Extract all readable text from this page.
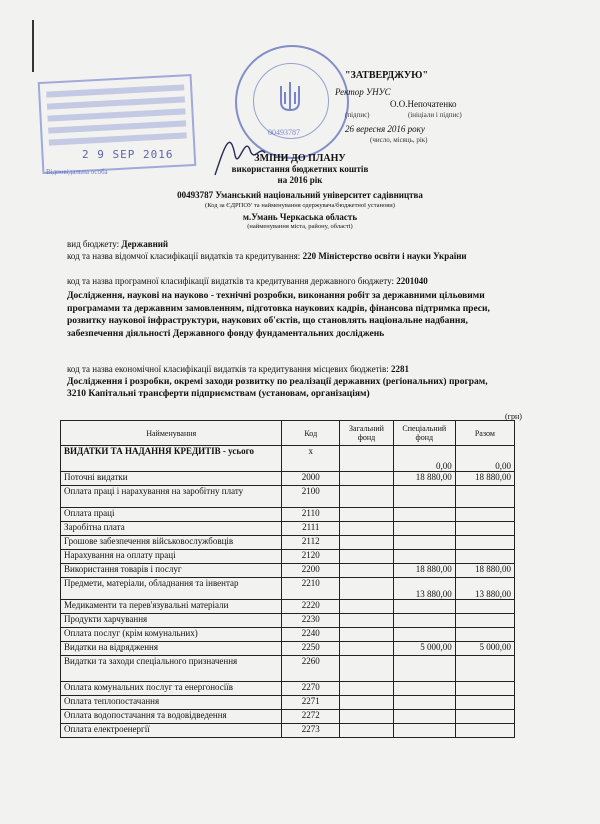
2 9 SEP 2016
Відповідальна особа
00493787
"ЗАТВЕРДЖУЮ"
Ректор УНУС
О.О.Непочатенко
(підпис)	(ініціали і підпис)
26 вересня 2016 року
(число, місяць, рік)
ЗМІНИ ДО ПЛАНУ
використання бюджетних коштів
на 2016 рік
00493787 Уманський національний університет садівництва
(Код за ЄДРПОУ та найменування одержувача/бюджетної установи)
м.Умань Черкаська область
(найменування міста, району, області)
вид бюджету: Державний
код та назва відомчої класифікації видатків та кредитування: 220 Міністерство освіти і науки України
код та назва програмної класифікації видатків та кредитування державного бюджету: 2201040
Дослідження, наукові на науково - технічні розробки, виконання робіт за державними цільовими програмами та державним замовленням, підготовка наукових кадрів, фінансова підтримка преси, розвитку наукової інфраструктури, наукових об'єктів, що становлять національне надбання, забезпечення діяльності Державного фонду фундаментальних досліджень
код та назва економічної класифікації видатків та кредитування місцевих бюджетів: 2281
Дослідження і розробки, окремі заходи розвитку по реалізації державних (регіональних) програм, 3210 Капітальні трансферти підприємствам (установам, організаціям)
(грн)
Найменування	Код	Загальний фонд	Спеціальний фонд	Разом
ВИДАТКИ ТА НАДАННЯ КРЕДИТІВ - усього	x		0,00	0,00
Поточні видатки	2000		18 880,00	18 880,00
Оплата праці і нарахування на заробітну плату	2100			
Оплата праці	2110			
Заробітна плата	2111			
Грошове забезпечення військовослужбовців	2112			
Нарахування на оплату праці	2120			
Використання товарів і послуг	2200		18 880,00	18 880,00
Предмети, матеріали, обладнання та інвентар	2210		13 880,00	13 880,00
Медикаменти та перев'язувальні матеріали	2220			
Продукти харчування	2230			
Оплата послуг (крім комунальних)	2240			
Видатки на відрядження	2250		5 000,00	5 000,00
Видатки та заходи спеціального призначення	2260			
Оплата комунальних послуг та енергоносіїв	2270			
Оплата теплопостачання	2271			
Оплата водопостачання та водовідведення	2272			
Оплата електроенергії	2273			
